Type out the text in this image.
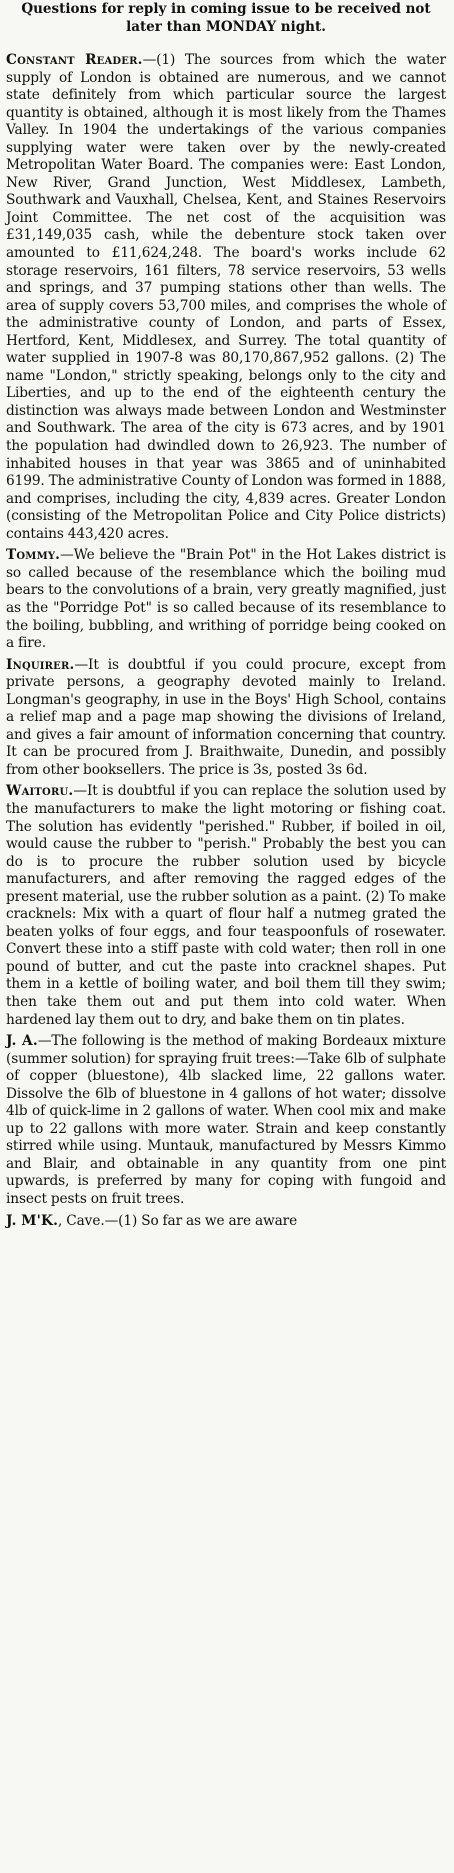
Questions for reply in coming issue to be received not later than MONDAY night.

Constant Reader.—(1) The sources from which the water supply of London is obtained are numerous, and we cannot state definitely from which particular source the largest quantity is obtained, although it is most likely from the Thames Valley. In 1904 the undertakings of the various companies supplying water were taken over by the newly-created Metropolitan Water Board. The companies were: East London, New River, Grand Junction, West Middlesex, Lambeth, Southwark and Vauxhall, Chelsea, Kent, and Staines Reservoirs Joint Committee. The net cost of the acquisition was £31,149,035 cash, while the debenture stock taken over amounted to £11,624,248. The board's works include 62 storage reservoirs, 161 filters, 78 service reservoirs, 53 wells and springs, and 37 pumping stations other than wells. The area of supply covers 53,700 miles, and comprises the whole of the administrative county of London, and parts of Essex, Hertford, Kent, Middlesex, and Surrey. The total quantity of water supplied in 1907-8 was 80,170,867,952 gallons. (2) The name "London," strictly speaking, belongs only to the city and Liberties, and up to the end of the eighteenth century the distinction was always made between London and Westminster and Southwark. The area of the city is 673 acres, and by 1901 the population had dwindled down to 26,923. The number of inhabited houses in that year was 3865 and of uninhabited 6199. The administrative County of London was formed in 1888, and comprises, including the city, 4,839 acres. Greater London (consisting of the Metropolitan Police and City Police districts) contains 443,420 acres.

Tommy.—We believe the "Brain Pot" in the Hot Lakes district is so called because of the resemblance which the boiling mud bears to the convolutions of a brain, very greatly magnified, just as the "Porridge Pot" is so called because of its resemblance to the boiling, bubbling, and writhing of porridge being cooked on a fire.

Inquirer.—It is doubtful if you could procure, except from private persons, a geography devoted mainly to Ireland. Longman's geography, in use in the Boys' High School, contains a relief map and a page map showing the divisions of Ireland, and gives a fair amount of information concerning that country. It can be procured from J. Braithwaite, Dunedin, and possibly from other booksellers. The price is 3s, posted 3s 6d.

Waitoru.—It is doubtful if you can replace the solution used by the manufacturers to make the light motoring or fishing coat. The solution has evidently "perished." Rubber, if boiled in oil, would cause the rubber to "perish." Probably the best you can do is to procure the rubber solution used by bicycle manufacturers, and after removing the ragged edges of the present material, use the rubber solution as a paint. (2) To make cracknels: Mix with a quart of flour half a nutmeg grated the beaten yolks of four eggs, and four teaspoonfuls of rosewater. Convert these into a stiff paste with cold water; then roll in one pound of butter, and cut the paste into cracknel shapes. Put them in a kettle of boiling water, and boil them till they swim; then take them out and put them into cold water. When hardened lay them out to dry, and bake them on tin plates.

J. A.—The following is the method of making Bordeaux mixture (summer solution) for spraying fruit trees:—Take 6lb of sulphate of copper (bluestone), 4lb slacked lime, 22 gallons water. Dissolve the 6lb of bluestone in 4 gallons of hot water; dissolve 4lb of quick-lime in 2 gallons of water. When cool mix and make up to 22 gallons with more water. Strain and keep constantly stirred while using. Muntauk, manufactured by Messrs Kimmo and Blair, and obtainable in any quantity from one pint upwards, is preferred by many for coping with fungoid and insect pests on fruit trees.

J. M'K., Cave.—(1) So far as we are aware
